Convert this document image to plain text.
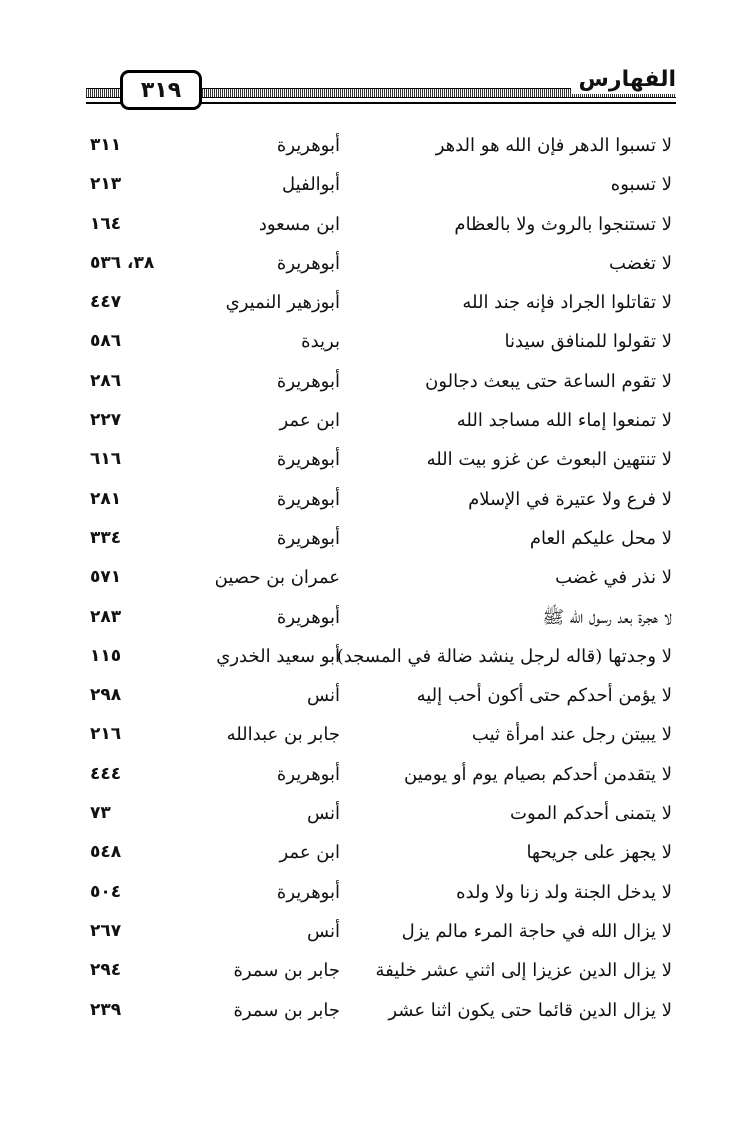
٣١٩	الفهارس
لا تسبوا الدهر فإن الله هو الدهر
أبوهريرة
٣١١
لا تسبوه
أبوالفيل
٢١٣
لا تستنجوا بالروث ولا بالعظام
ابن مسعود
١٦٤
لا تغضب
أبوهريرة
٣٨، ٥٣٦
لا تقاتلوا الجراد فإنه جند الله
أبوزهير النميري
٤٤٧
لا تقولوا للمنافق سيدنا
بريدة
٥٨٦
لا تقوم الساعة حتى يبعث دجالون
أبوهريرة
٢٨٦
لا تمنعوا إماء الله مساجد الله
ابن عمر
٢٢٧
لا تنتهين البعوث عن غزو بيت الله
أبوهريرة
٦١٦
لا فرع ولا عتيرة في الإسلام
أبوهريرة
٢٨١
لا محل عليكم العام
أبوهريرة
٣٣٤
لا نذر في غضب
عمران بن حصين
٥٧١
لا هجرة بعد رسول الله ﷺ
أبوهريرة
٢٨٣
لا وجدتها (قاله لرجل ينشد ضالة في المسجد)
أبو سعيد الخدري
١١٥
لا يؤمن أحدكم حتى أكون أحب إليه
أنس
٢٩٨
لا يبيتن رجل عند امرأة ثيب
جابر بن عبدالله
٢١٦
لا يتقدمن أحدكم بصيام يوم أو يومين
أبوهريرة
٤٤٤
لا يتمنى أحدكم الموت
أنس
٧٣
لا يجهز على جريحها
ابن عمر
٥٤٨
لا يدخل الجنة ولد زنا ولا ولده
أبوهريرة
٥٠٤
لا يزال الله في حاجة المرء مالم يزل
أنس
٢٦٧
لا يزال الدين عزيزا إلى اثني عشر خليفة
جابر بن سمرة
٢٩٤
لا يزال الدين قائما حتى يكون اثنا عشر
جابر بن سمرة
٢٣٩
